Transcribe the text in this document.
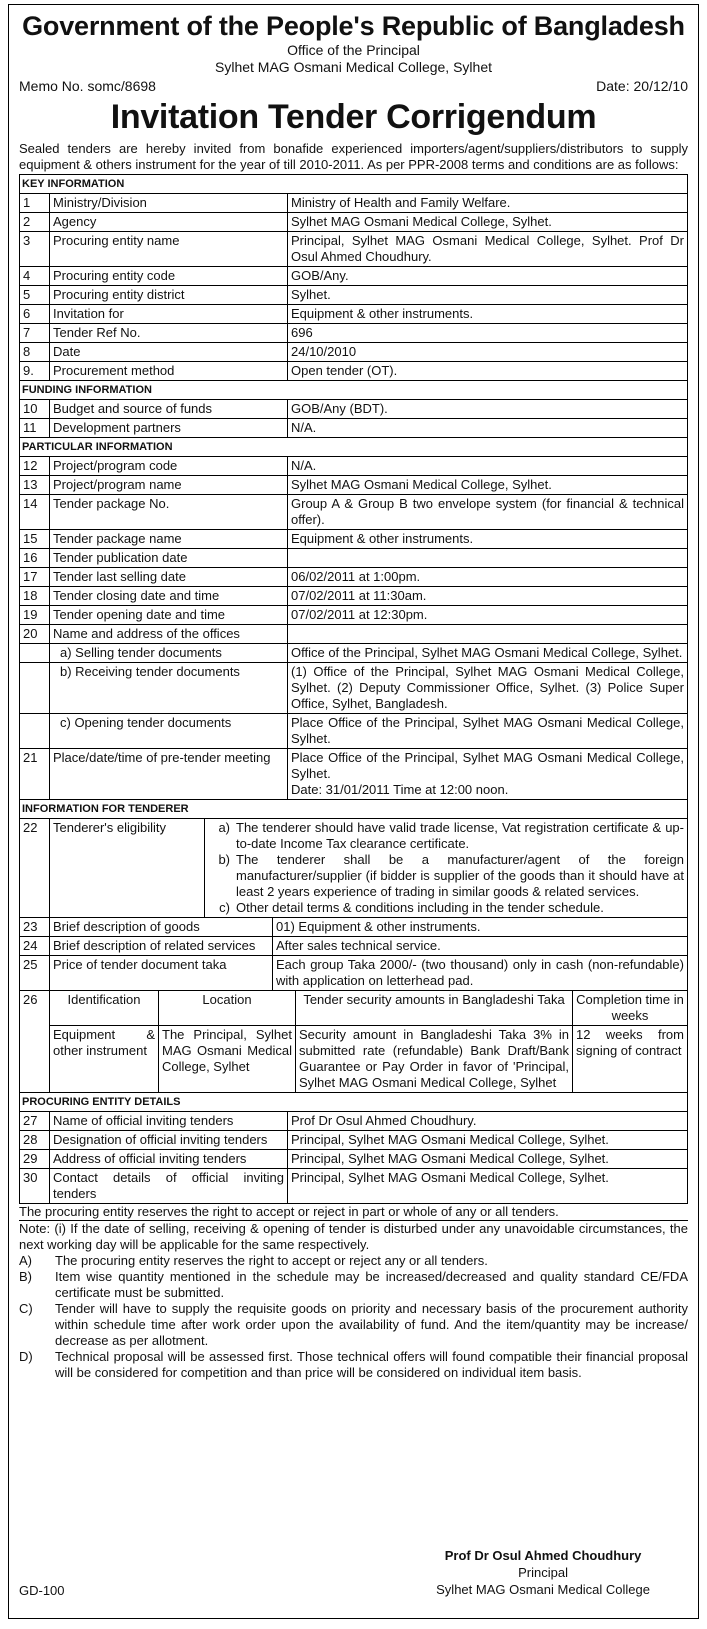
Government of the People's Republic of Bangladesh
Office of the Principal
Sylhet MAG Osmani Medical College, Sylhet
Memo No. somc/8698	Date: 20/12/10
Invitation Tender Corrigendum
Sealed tenders are hereby invited from bonafide experienced importers/agent/suppliers/distributors to supply equipment & others instrument for the year of till 2010-2011. As per PPR-2008 terms and conditions are as follows:
KEY INFORMATION
1	Ministry/Division	Ministry of Health and Family Welfare.

2	Agency	Sylhet MAG Osmani Medical College, Sylhet.

3	Procuring entity name	Principal, Sylhet MAG Osmani Medical College, Sylhet. Prof Dr Osul Ahmed Choudhury.

4	Procuring entity code	GOB/Any.

5	Procuring entity district	Sylhet.

6	Invitation for	Equipment & other instruments.

7	Tender Ref No.	696

8	Date	24/10/2010

9.	Procurement method	Open tender (OT).

FUNDING INFORMATION
10	Budget and source of funds	GOB/Any (BDT).

11	Development partners	N/A.

PARTICULAR INFORMATION
12	Project/program code	N/A.

13	Project/program name	Sylhet MAG Osmani Medical College, Sylhet.

14	Tender package No.	Group A & Group B two envelope system (for financial & technical offer).

15	Tender package name	Equipment & other instruments.

16	Tender publication date	

17	Tender last selling date	06/02/2011 at 1:00pm.

18	Tender closing date and time	07/02/2011 at 11:30am.

19	Tender opening date and time	07/02/2011 at 12:30pm.

20	Name and address of the offices	

	a) Selling tender documents	Office of the Principal, Sylhet MAG Osmani Medical College, Sylhet.

	b) Receiving tender documents	(1) Office of the Principal, Sylhet MAG Osmani Medical College, Sylhet. (2) Deputy Commissioner Office, Sylhet. (3) Police Super Office, Sylhet, Bangladesh.

	c) Opening tender documents	Place Office of the Principal, Sylhet MAG Osmani Medical College, Sylhet.

21	Place/date/time of pre-tender meeting	Place Office of the Principal, Sylhet MAG Osmani Medical College, Sylhet.
Date: 31/01/2011 Time at 12:00 noon.

INFORMATION FOR TENDERER
22	Tenderer's eligibility	a) The tenderer should have valid trade license, Vat registration certificate & up-to-date Income Tax clearance certificate.
b) The tenderer shall be a manufacturer/agent of the foreign manufacturer/supplier (if bidder is supplier of the goods than it should have at least 2 years experience of trading in similar goods & related services.
c) Other detail terms & conditions including in the tender schedule.

23	Brief description of goods	01) Equipment & other instruments.

24	Brief description of related services	After sales technical service.

25	Price of tender document taka	Each group Taka 2000/- (two thousand) only in cash (non-refundable) with application on letterhead pad.

26	Identification	Location	Tender security amounts in Bangladeshi Taka	Completion time in weeks
Equipment & other instrument	The Principal, Sylhet MAG Osmani Medical College, Sylhet	Security amount in Bangladeshi Taka 3% in submitted rate (refundable) Bank Draft/Bank Guarantee or Pay Order in favor of 'Principal, Sylhet MAG Osmani Medical College, Sylhet	12 weeks from signing of contract

PROCURING ENTITY DETAILS
27	Name of official inviting tenders	Prof Dr Osul Ahmed Choudhury.

28	Designation of official inviting tenders	Principal, Sylhet MAG Osmani Medical College, Sylhet.

29	Address of official inviting tenders	Principal, Sylhet MAG Osmani Medical College, Sylhet.

30	Contact details of official inviting tenders	
Principal, Sylhet MAG Osmani Medical College, Sylhet.

The procuring entity reserves the right to accept or reject in part or whole of any or all tenders.

Note: (i) If the date of selling, receiving & opening of tender is disturbed under any unavoidable circumstances, the next working day will be applicable for the same respectively.

A)	The procuring entity reserves the right to accept or reject any or all tenders.
B)	Item wise quantity mentioned in the schedule may be increased/decreased and quality standard CE/FDA certificate must be submitted.
C)	Tender will have to supply the requisite goods on priority and necessary basis of the procurement authority within schedule time after work order upon the availability of fund. And the item/quantity may be increase/ decrease as per allotment.
D)	Technical proposal will be assessed first. Those technical offers will found compatible their financial proposal will be considered for competition and than price will be considered on individual item basis.
GD-100
Prof Dr Osul Ahmed Choudhury
Principal
Sylhet MAG Osmani Medical College
